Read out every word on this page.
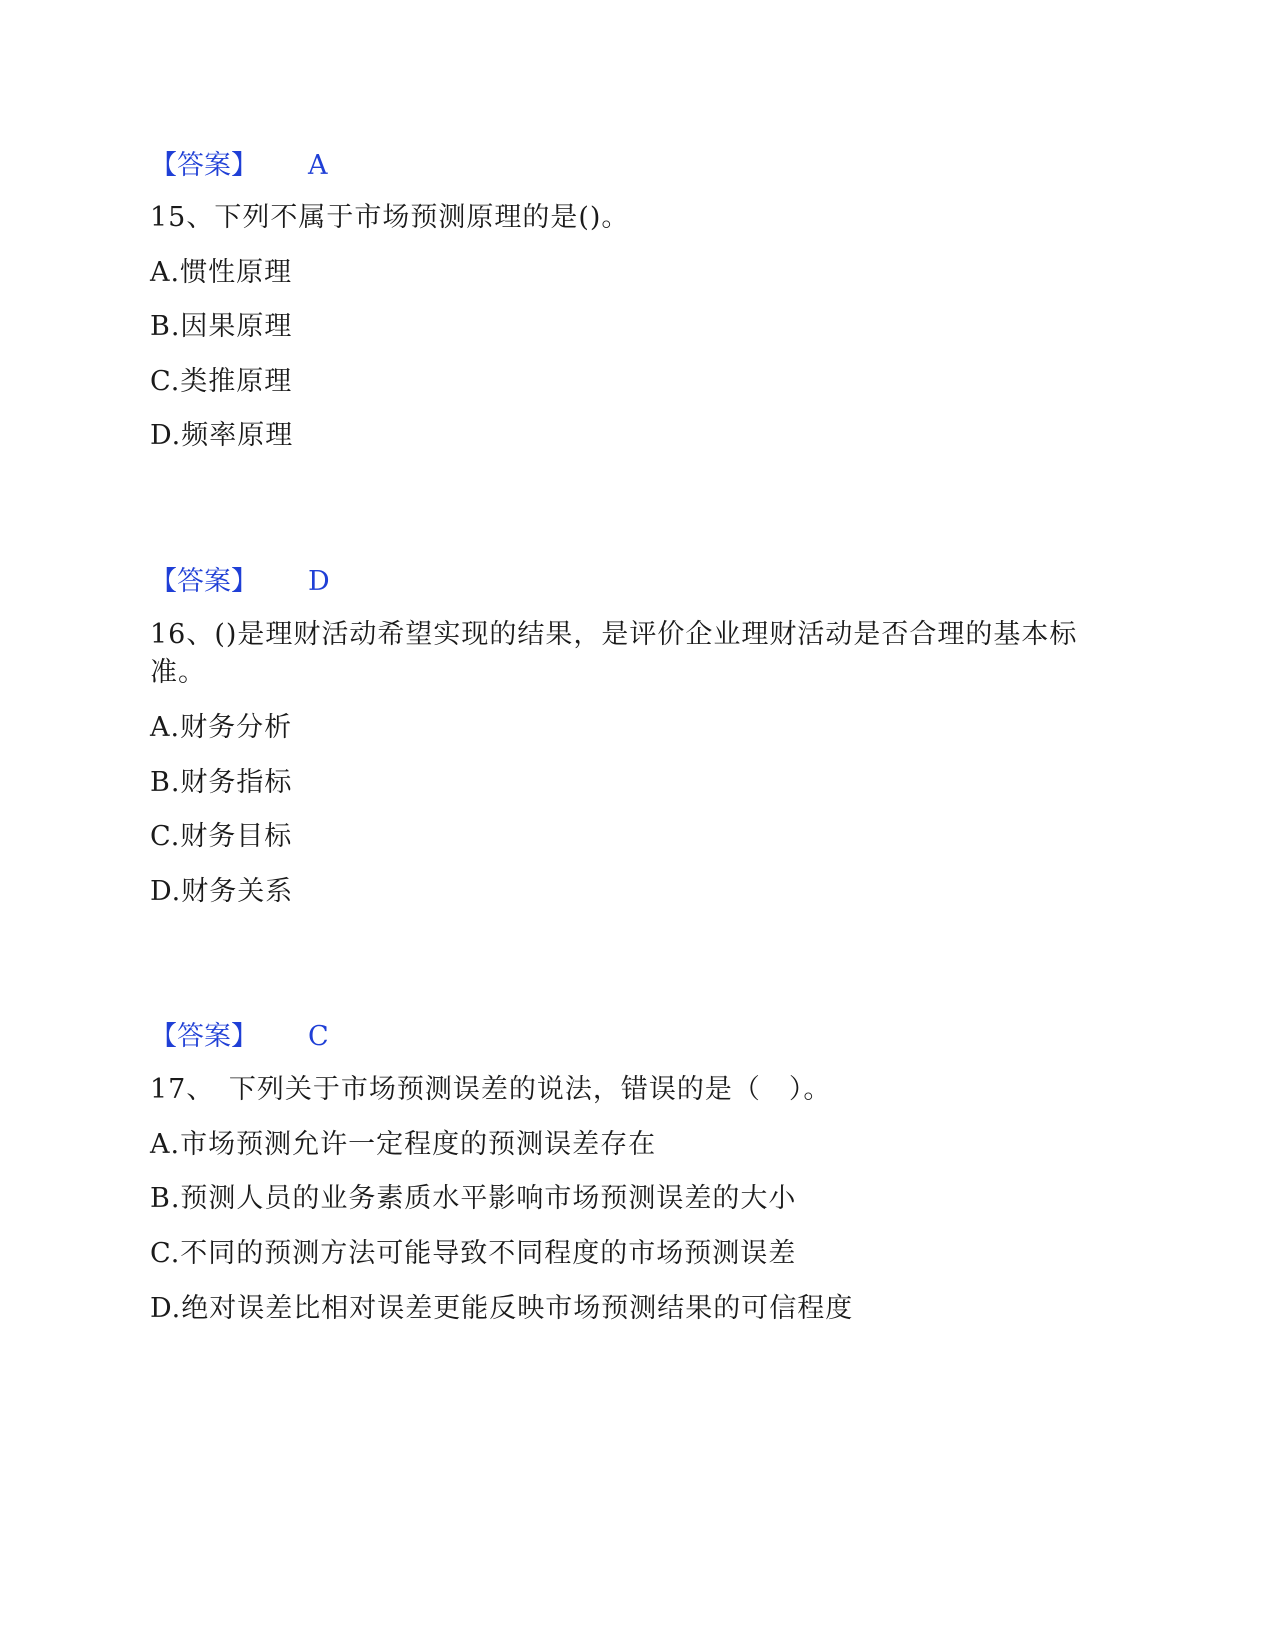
【答案】 A
15、下列不属于市场预测原理的是()。
A.惯性原理
B.因果原理
C.类推原理
D.频率原理
【答案】 D
16、()是理财活动希望实现的结果，是评价企业理财活动是否合理的基本标
准。
A.财务分析
B.财务指标
C.财务目标
D.财务关系
【答案】 C
17、　下列关于市场预测误差的说法，错误的是（　）。
A.市场预测允许一定程度的预测误差存在
B.预测人员的业务素质水平影响市场预测误差的大小
C.不同的预测方法可能导致不同程度的市场预测误差
D.绝对误差比相对误差更能反映市场预测结果的可信程度
